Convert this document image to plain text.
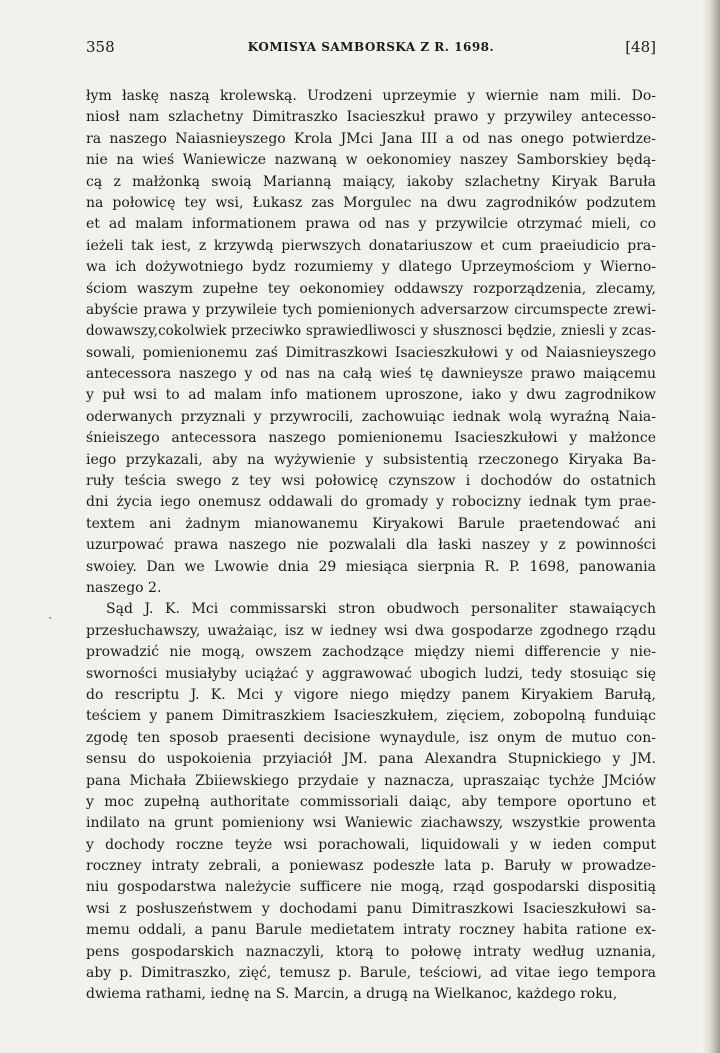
358	KOMISYA SAMBORSKA Z R. 1698.	[48]
ˋ
łym łaskę naszą krolewską. Urodzeni uprzeymie y wiernie nam mili. Do-
niosł nam szlachetny Dimitraszko Isacieszkuł prawo y przywiley antecesso-
ra naszego Naiasnieyszego Krola JMci Jana III a od nas onego potwierdze-
nie na wieś Waniewicze nazwaną w oekonomiey naszey Samborskiey będą-
cą z małżonką swoią Marianną maiący, iakoby szlachetny Kiryak Baruła
na połowicę tey wsi, Łukasz zas Morgulec na dwu zagrodników podzutem
et ad malam informationem prawa od nas y przywilcie otrzymać mieli, co
ieżeli tak iest, z krzywdą pierwszych donatariuszow et cum praeiudicio pra-
wa ich dożywotniego bydz rozumiemy y dlatego Uprzeymościom y Wierno-
ściom waszym zupełne tey oekonomiey oddawszy rozporządzenia, zlecamy,
abyście prawa y przywileie tych pomienionych adversarzow circumspecte zrewi-
dowawszy,cokolwiek przeciwko sprawiedliwosci y słusznosci będzie, zniesli y zcas-
sowali, pomienionemu zaś Dimitraszkowi Isacieszkułowi y od Naiasnieyszego
antecessora naszego y od nas na całą wieś tę dawnieysze prawo maiącemu
y puł wsi to ad malam info mationem uproszone, iako y dwu zagrodnikow
oderwanych przyznali y przywrocili, zachowuiąc iednak wolą wyraźną Naia-
śnieiszego antecessora naszego pomienionemu Isacieszkułowi y małżonce
iego przykazali, aby na wyżywienie y subsistentią rzeczonego Kiryaka Ba-
ruły teścia swego z tey wsi połowicę czynszow i dochodów do ostatnich
dni życia iego onemusz oddawali do gromady y robocizny iednak tym prae-
textem ani żadnym mianowanemu Kiryakowi Barule praetendować ani
uzurpować prawa naszego nie pozwalali dla łaski naszey y z powinności
swoiey. Dan we Lwowie dnia 29 miesiąca sierpnia R. P. 1698, panowania
naszego 2.
Sąd J. K. Mci commissarski stron obudwoch personaliter stawaiących
przesłuchawszy, uważaiąc, isz w iedney wsi dwa gospodarze zgodnego rządu
prowadzić nie mogą, owszem zachodzące między niemi differencie y nie-
sworności musiałyby uciążać y aggrawować ubogich ludzi, tedy stosuiąc się
do rescriptu J. K. Mci y vigore niego między panem Kiryakiem Barułą,
teściem y panem Dimitraszkiem Isacieszkułem, zięciem, zobopolną funduiąc
zgodę ten sposob praesenti decisione wynaydule, isz onym de mutuo con-
sensu do uspokoienia przyiaciół JM. pana Alexandra Stupnickiego y JM.
pana Michała Zbiiewskiego przydaie y naznacza, upraszaiąc tychże JMciów
y moc zupełną authoritate commissoriali daiąc, aby tempore oportuno et
indilato na grunt pomieniony wsi Waniewic ziachawszy, wszystkie prowenta
y dochody roczne teyże wsi porachowali, liquidowali y w ieden comput
roczney intraty zebrali, a poniewasz podeszłe lata p. Baruły w prowadze-
niu gospodarstwa należycie sufficere nie mogą, rząd gospodarski dispositią
wsi z posłuszeństwem y dochodami panu Dimitraszkowi Isacieszkułowi sa-
memu oddali, a panu Barule medietatem intraty roczney habita ratione ex-
pens gospodarskich naznaczyli, ktorą to połowę intraty według uznania,
aby p. Dimitraszko, zięć, temusz p. Barule, teściowi, ad vitae iego tempora
dwiema rathami, iednę na S. Marcin, a drugą na Wielkanoc, każdego roku,
